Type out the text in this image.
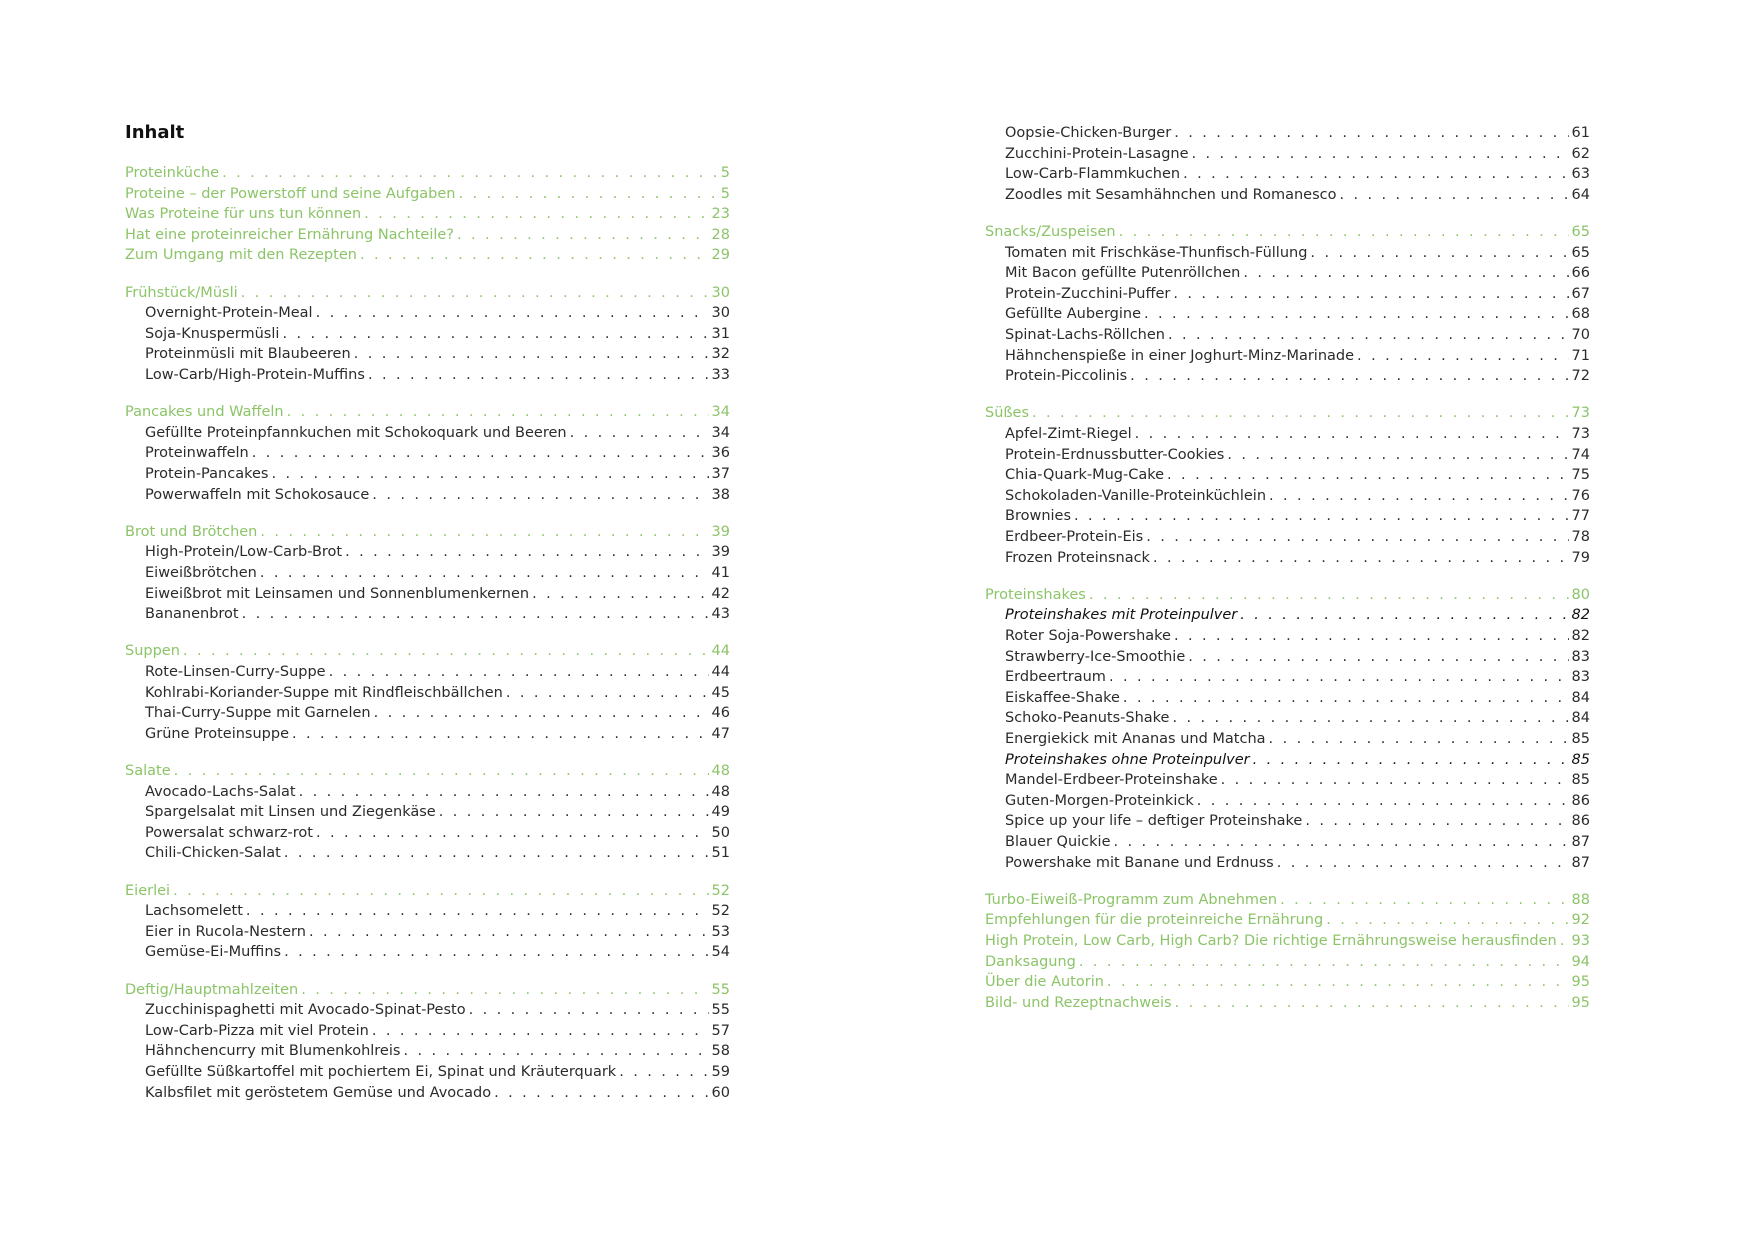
Inhalt
Proteinküche . . .	5
Proteine – der Powerstoff und seine Aufgaben . . .	5
Was Proteine für uns tun können . . .	23
Hat eine proteinreicher Ernährung Nachteile? . . .	28
Zum Umgang mit den Rezepten . . .	29
Frühstück/Müsli . . .	30
Overnight-Protein-Meal . . .	30
Soja-Knuspermüsli . . .	31
Proteinmüsli mit Blaubeeren . . .	32
Low-Carb/High-Protein-Muffins . . .	33
Pancakes und Waffeln . . .	34
Gefüllte Proteinpfannkuchen mit Schokoquark und Beeren . . .	34
Proteinwaffeln . . .	36
Protein-Pancakes . . .	37
Powerwaffeln mit Schokosauce . . .	38
Brot und Brötchen . . .	39
High-Protein/Low-Carb-Brot . . .	39
Eiweißbrötchen . . .	41
Eiweißbrot mit Leinsamen und Sonnenblumenkernen . . .	42
Bananenbrot . . .	43
Suppen . . .	44
Rote-Linsen-Curry-Suppe . . .	44
Kohlrabi-Koriander-Suppe mit Rindfleischbällchen . . .	45
Thai-Curry-Suppe mit Garnelen . . .	46
Grüne Proteinsuppe . . .	47
Salate . . .	48
Avocado-Lachs-Salat . . .	48
Spargelsalat mit Linsen und Ziegenkäse . . .	49
Powersalat schwarz-rot . . .	50
Chili-Chicken-Salat . . .	51
Eierlei . . .	52
Lachsomelett . . .	52
Eier in Rucola-Nestern . . .	53
Gemüse-Ei-Muffins . . .	54
Deftig/Hauptmahlzeiten . . .	55
Zucchinispaghetti mit Avocado-Spinat-Pesto . . .	55
Low-Carb-Pizza mit viel Protein . . .	57
Hähnchencurry mit Blumenkohlreis . . .	58
Gefüllte Süßkartoffel mit pochiertem Ei, Spinat und Kräuterquark . . .	59
Kalbsfilet mit geröstetem Gemüse und Avocado . . .	60
Oopsie-Chicken-Burger . . .	61
Zucchini-Protein-Lasagne . . .	62
Low-Carb-Flammkuchen . . .	63
Zoodles mit Sesamhähnchen und Romanesco . . .	64
Snacks/Zuspeisen . . .	65
Tomaten mit Frischkäse-Thunfisch-Füllung . . .	65
Mit Bacon gefüllte Putenröllchen . . .	66
Protein-Zucchini-Puffer . . .	67
Gefüllte Aubergine . . .	68
Spinat-Lachs-Röllchen . . .	70
Hähnchenspieße in einer Joghurt-Minz-Marinade . . .	71
Protein-Piccolinis . . .	72
Süßes . . .	73
Apfel-Zimt-Riegel . . .	73
Protein-Erdnussbutter-Cookies . . .	74
Chia-Quark-Mug-Cake . . .	75
Schokoladen-Vanille-Proteinküchlein . . .	76
Brownies . . .	77
Erdbeer-Protein-Eis . . .	78
Frozen Proteinsnack . . .	79
Proteinshakes . . .	80
Proteinshakes mit Proteinpulver . . .	82
Roter Soja-Powershake . . .	82
Strawberry-Ice-Smoothie . . .	83
Erdbeertraum . . .	83
Eiskaffee-Shake . . .	84
Schoko-Peanuts-Shake . . .	84
Energiekick mit Ananas und Matcha . . .	85
Proteinshakes ohne Proteinpulver . . .	85
Mandel-Erdbeer-Proteinshake . . .	85
Guten-Morgen-Proteinkick . . .	86
Spice up your life – deftiger Proteinshake . . .	86
Blauer Quickie . . .	87
Powershake mit Banane und Erdnuss . . .	87
Turbo-Eiweiß-Programm zum Abnehmen . . .	88
Empfehlungen für die proteinreiche Ernährung . . .	92
High Protein, Low Carb, High Carb? Die richtige Ernährungsweise herausfinden . . . 93
Danksagung . . .	94
Über die Autorin . . .	95
Bild- und Rezeptnachweis . . .	95
